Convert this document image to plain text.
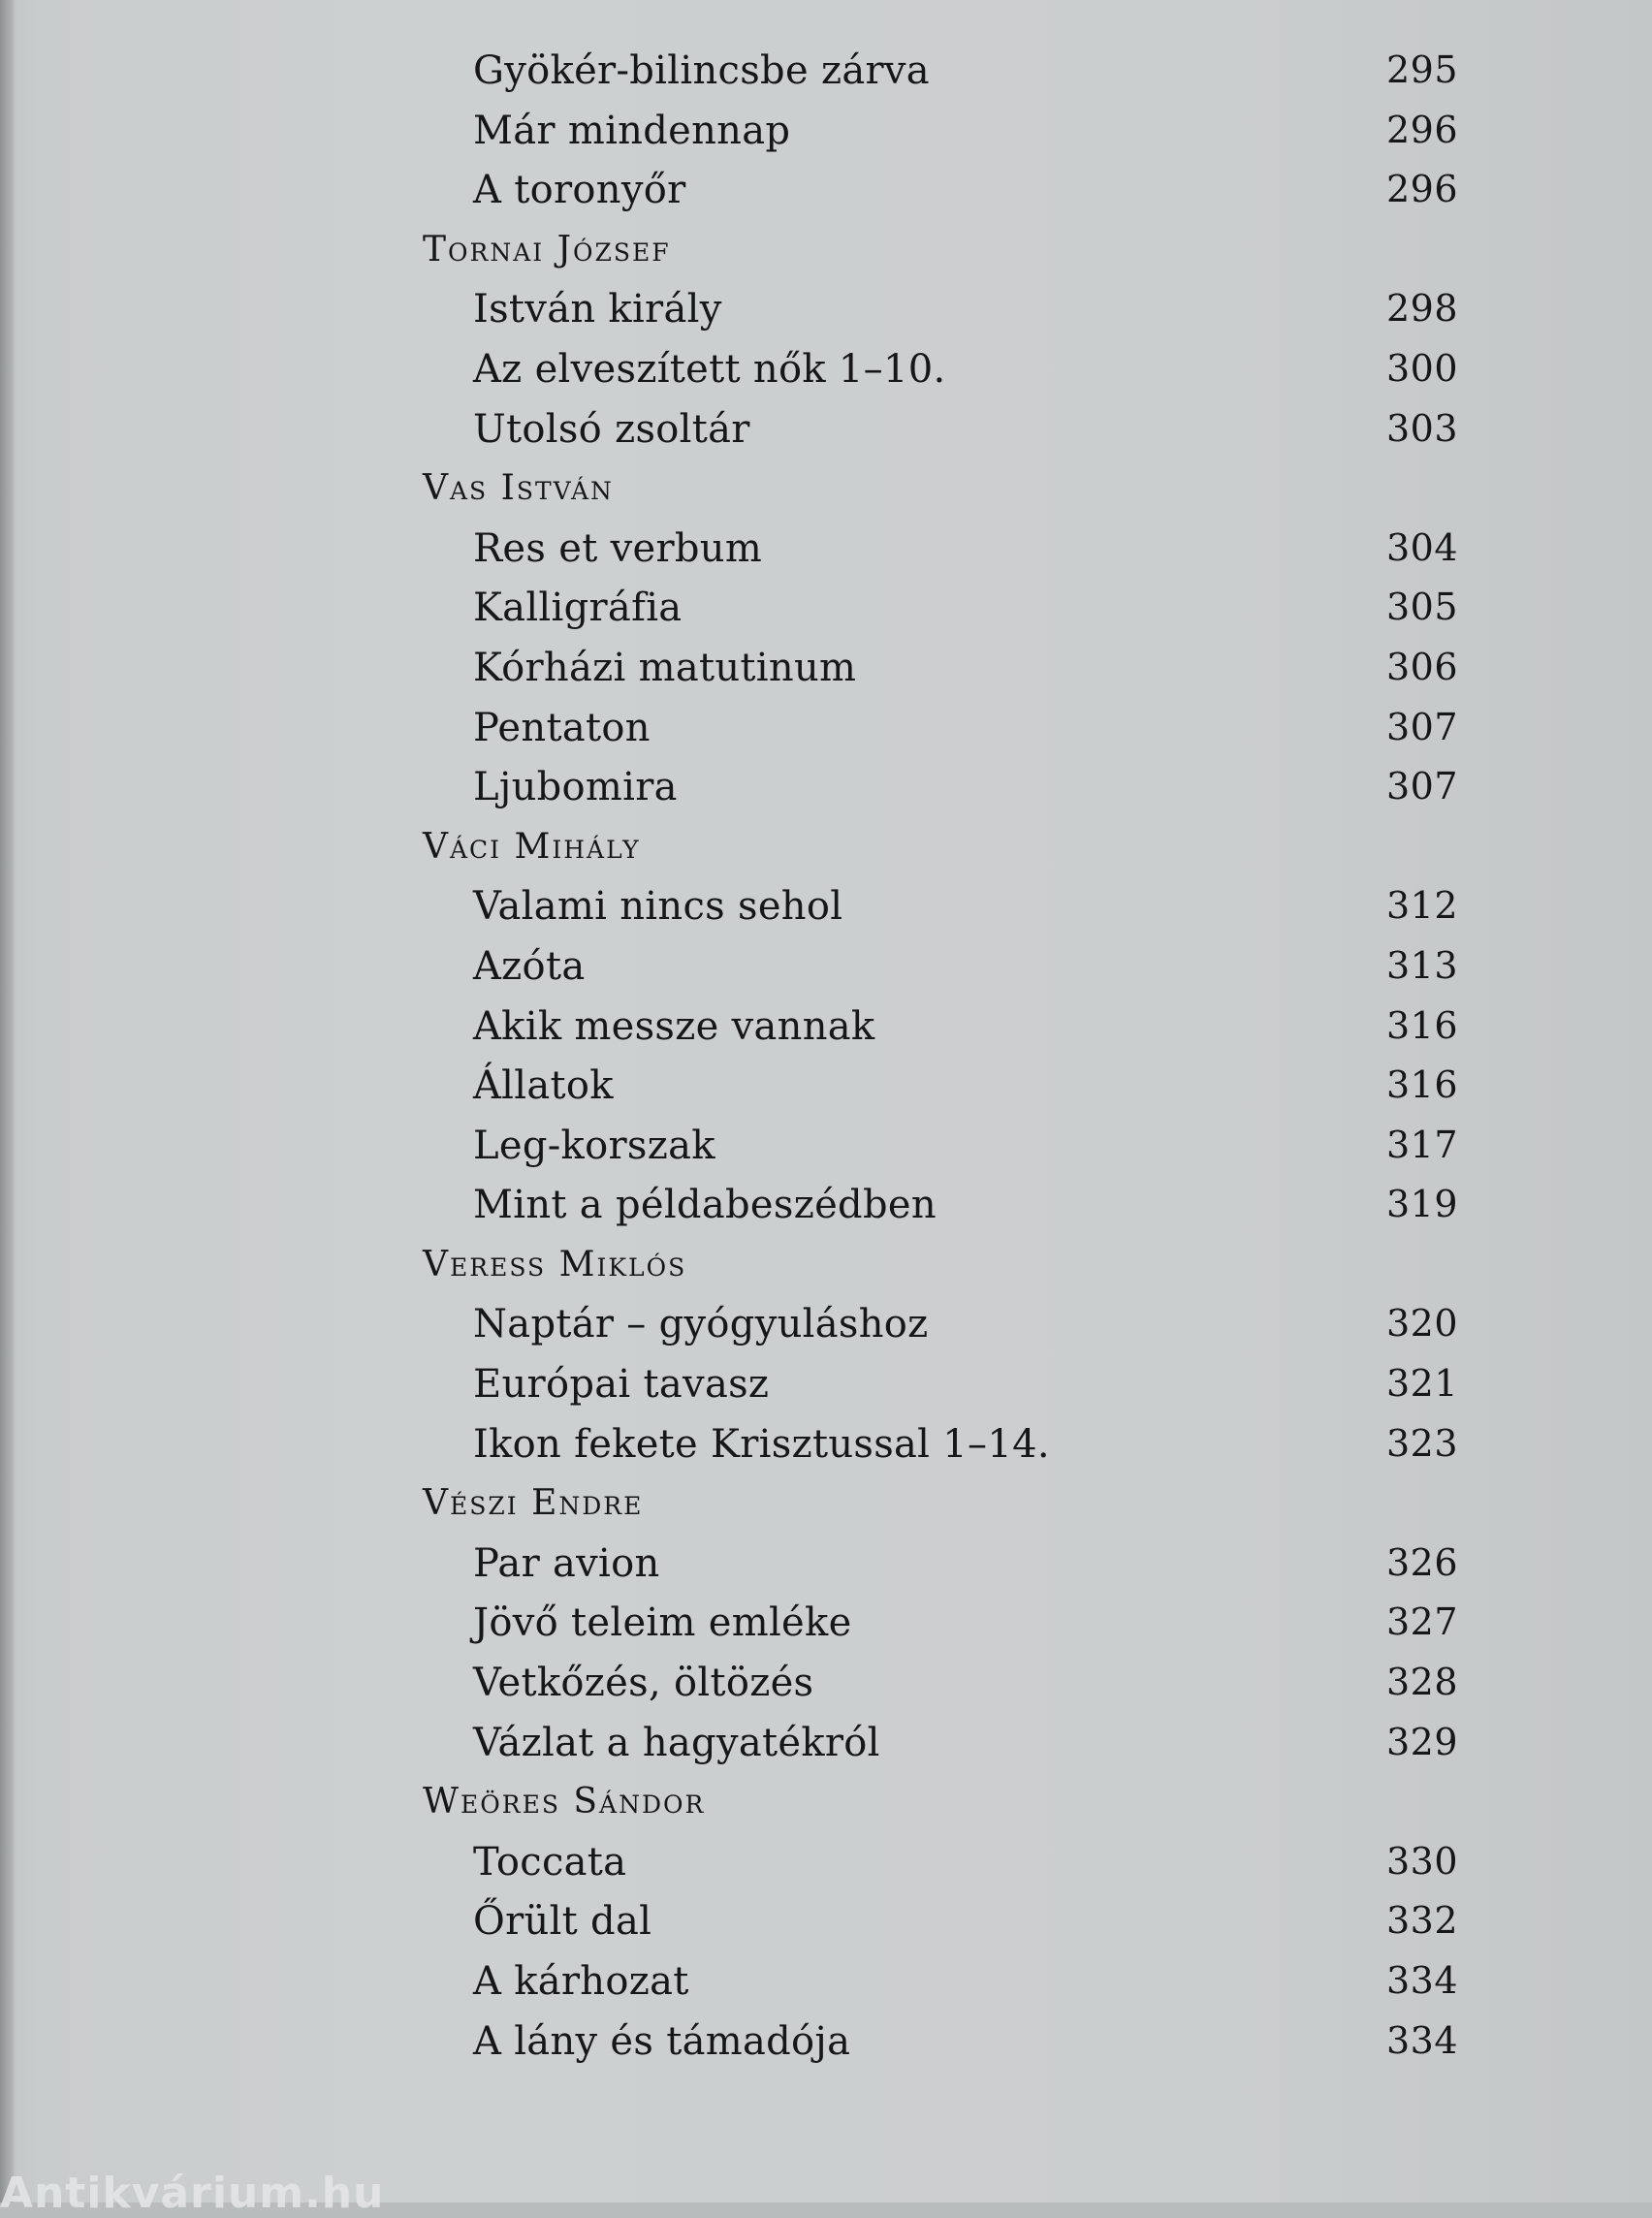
Gyökér-bilincsbe zárva	295
Már mindennap	296
A toronyőr	296
Tornai József
István király	298
Az elveszített nők 1–10.	300
Utolsó zsoltár	303
Vas István
Res et verbum	304
Kalligráfia	305
Kórházi matutinum	306
Pentaton	307
Ljubomira	307
Váci Mihály
Valami nincs sehol	312
Azóta	313
Akik messze vannak	316
Állatok	316
Leg-korszak	317
Mint a példabeszédben	319
Veress Miklós
Naptár – gyógyuláshoz	320
Európai tavasz	321
Ikon fekete Krisztussal 1–14.	323
Vészi Endre
Par avion	326
Jövő teleim emléke	327
Vetkőzés, öltözés	328
Vázlat a hagyatékról	329
Weöres Sándor
Toccata	330
Őrült dal	332
A kárhozat	334
A lány és támadója	334
Antikvárium.hu
